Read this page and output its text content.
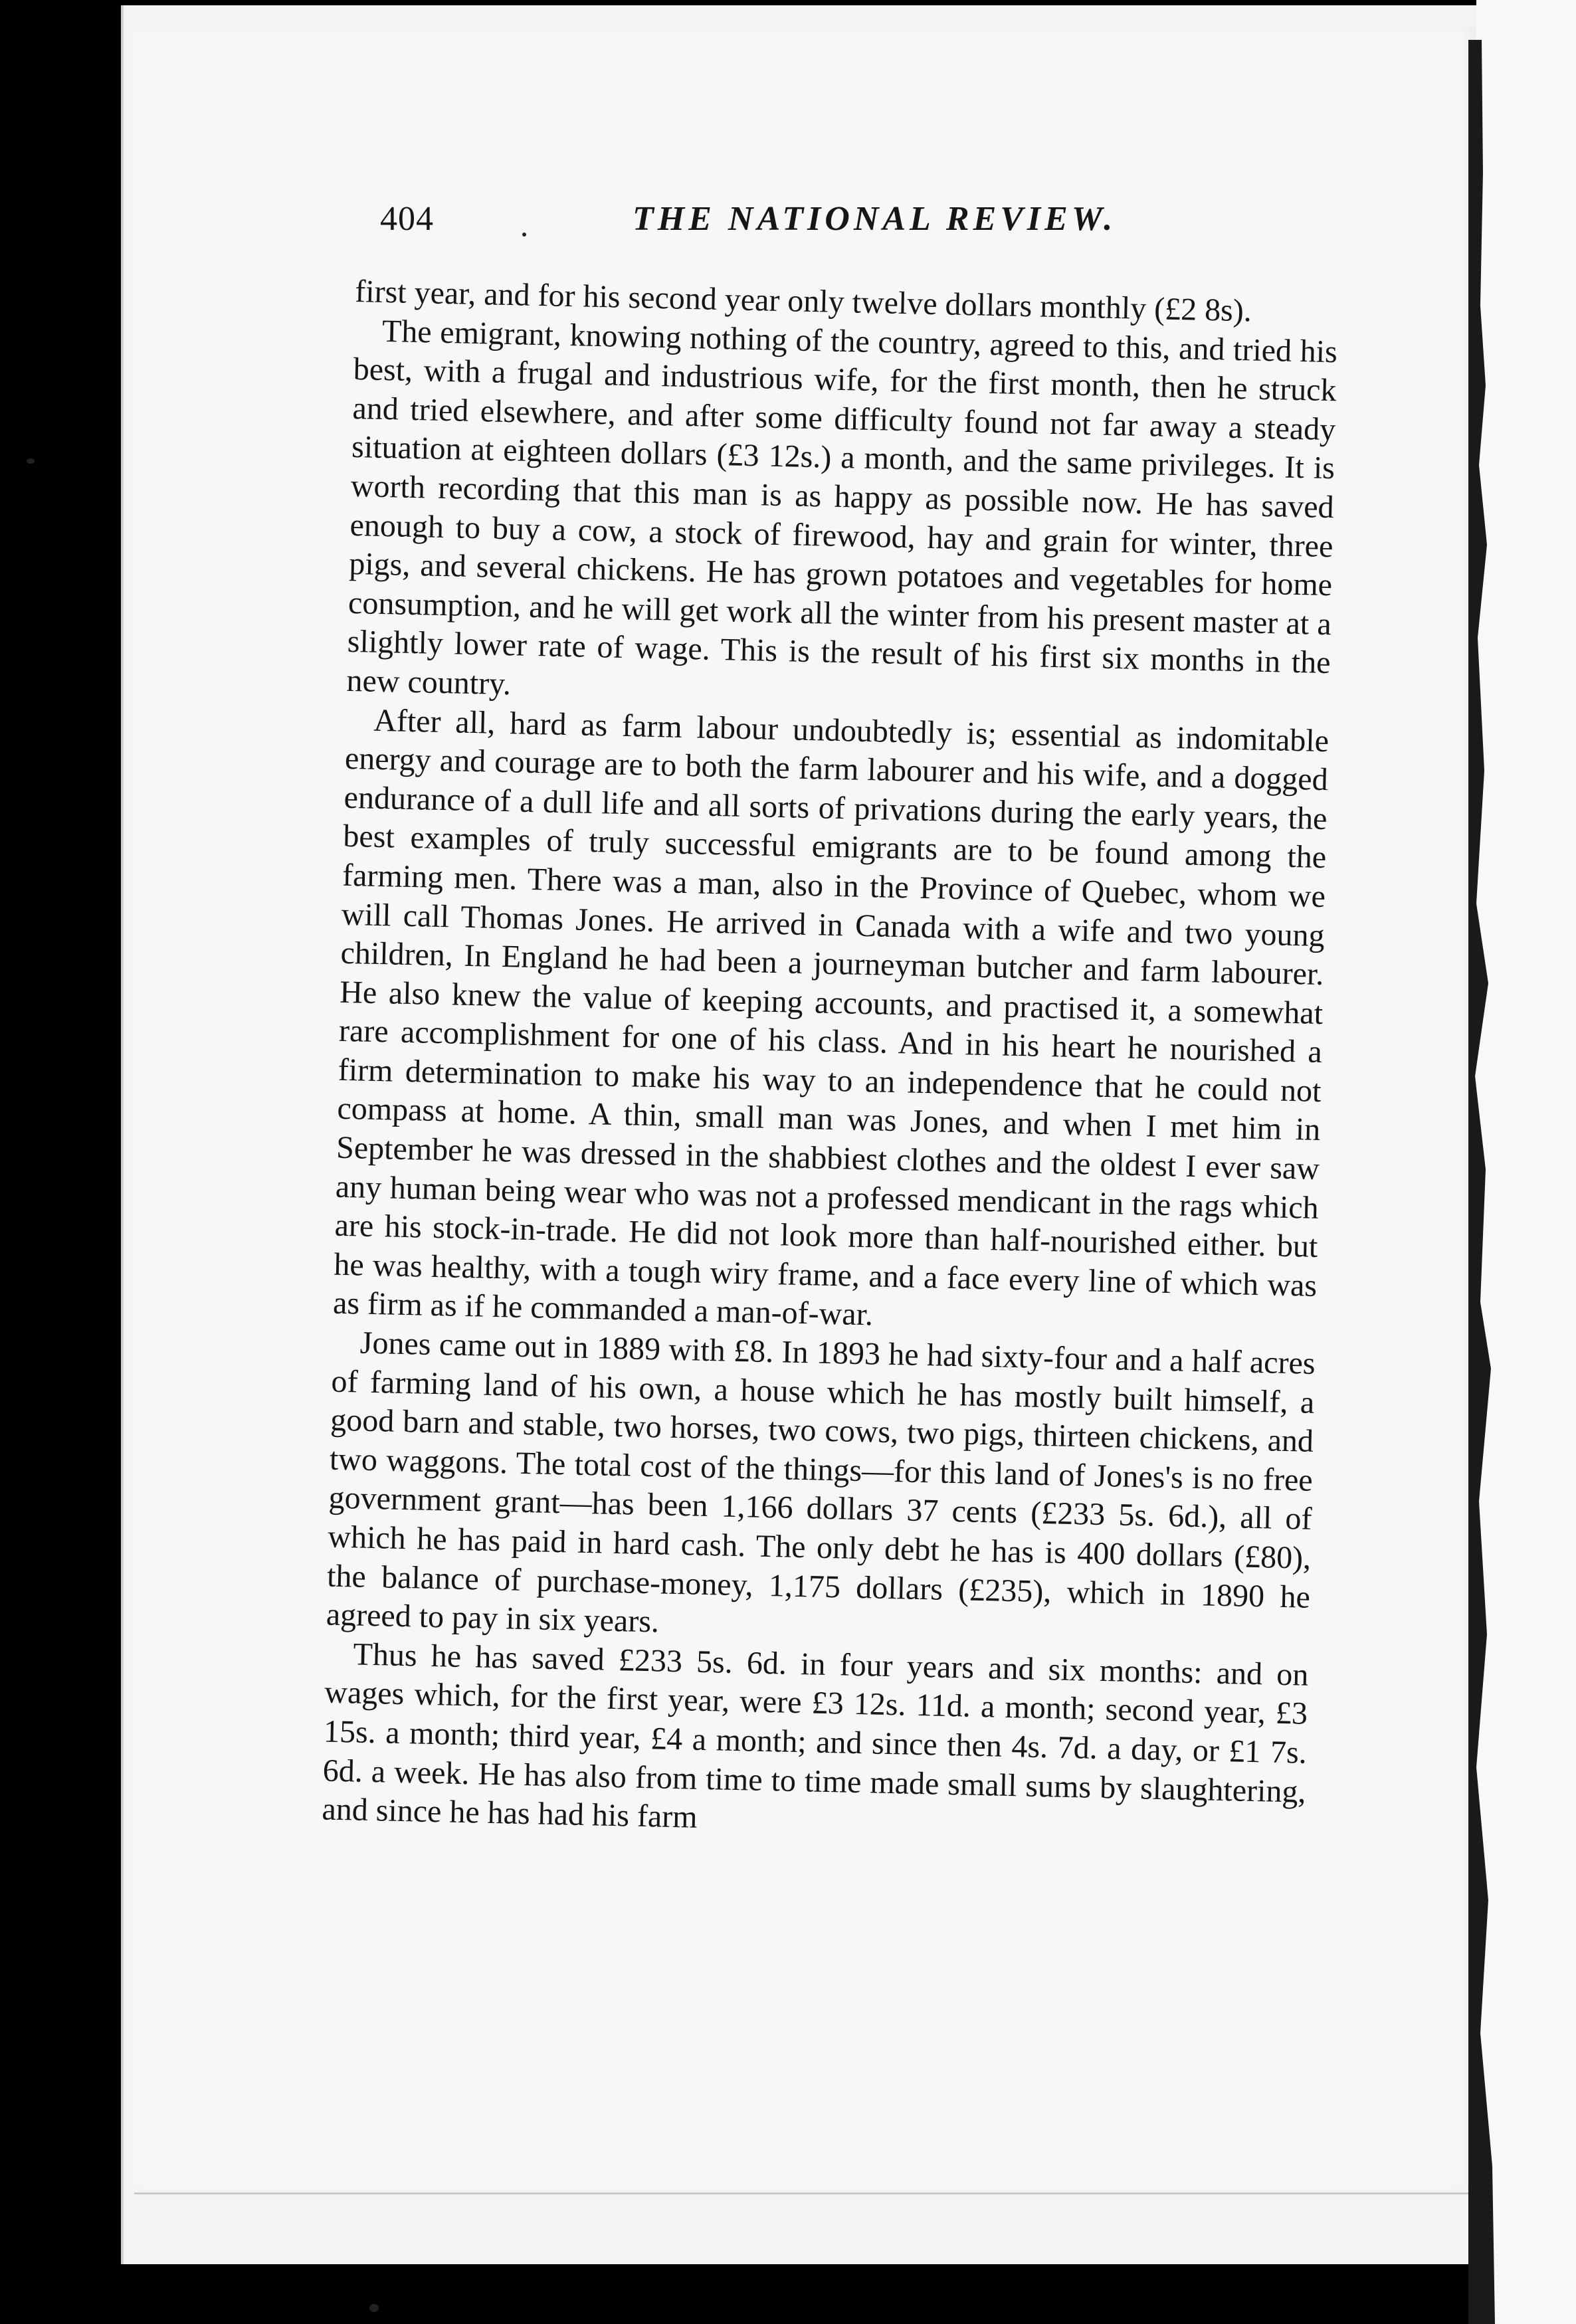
404	THE NATIONAL REVIEW.

first year, and for his second year only twelve dollars monthly (£2 8s).

The emigrant, knowing nothing of the country, agreed to this, and tried his best, with a frugal and industrious wife, for the first month, then he struck and tried elsewhere, and after some difficulty found not far away a steady situation at eighteen dollars (£3 12s.) a month, and the same privileges. It is worth recording that this man is as happy as possible now. He has saved enough to buy a cow, a stock of firewood, hay and grain for winter, three pigs, and several chickens. He has grown potatoes and vegetables for home consumption, and he will get work all the winter from his present master at a slightly lower rate of wage. This is the result of his first six months in the new country.

After all, hard as farm labour undoubtedly is; essential as indomitable energy and courage are to both the farm labourer and his wife, and a dogged endurance of a dull life and all sorts of privations during the early years, the best examples of truly successful emigrants are to be found among the farming men. There was a man, also in the Province of Quebec, whom we will call Thomas Jones. He arrived in Canada with a wife and two young children, In England he had been a journeyman butcher and farm labourer. He also knew the value of keeping accounts, and practised it, a somewhat rare accomplishment for one of his class. And in his heart he nourished a firm determination to make his way to an independence that he could not compass at home. A thin, small man was Jones, and when I met him in September he was dressed in the shabbiest clothes and the oldest I ever saw any human being wear who was not a professed mendicant in the rags which are his stock-in-trade. He did not look more than half-nourished either. but he was healthy, with a tough wiry frame, and a face every line of which was as firm as if he commanded a man-of-war.

Jones came out in 1889 with £8. In 1893 he had sixty-four and a half acres of farming land of his own, a house which he has mostly built himself, a good barn and stable, two horses, two cows, two pigs, thirteen chickens, and two waggons. The total cost of the things—for this land of Jones's is no free government grant—has been 1,166 dollars 37 cents (£233 5s. 6d.), all of which he has paid in hard cash. The only debt he has is 400 dollars (£80), the balance of purchase-money, 1,175 dollars (£235), which in 1890 he agreed to pay in six years.

Thus he has saved £233 5s. 6d. in four years and six months: and on wages which, for the first year, were £3 12s. 11d. a month; second year, £3 15s. a month; third year, £4 a month; and since then 4s. 7d. a day, or £1 7s. 6d. a week. He has also from time to time made small sums by slaughtering, and since he has had his farm
